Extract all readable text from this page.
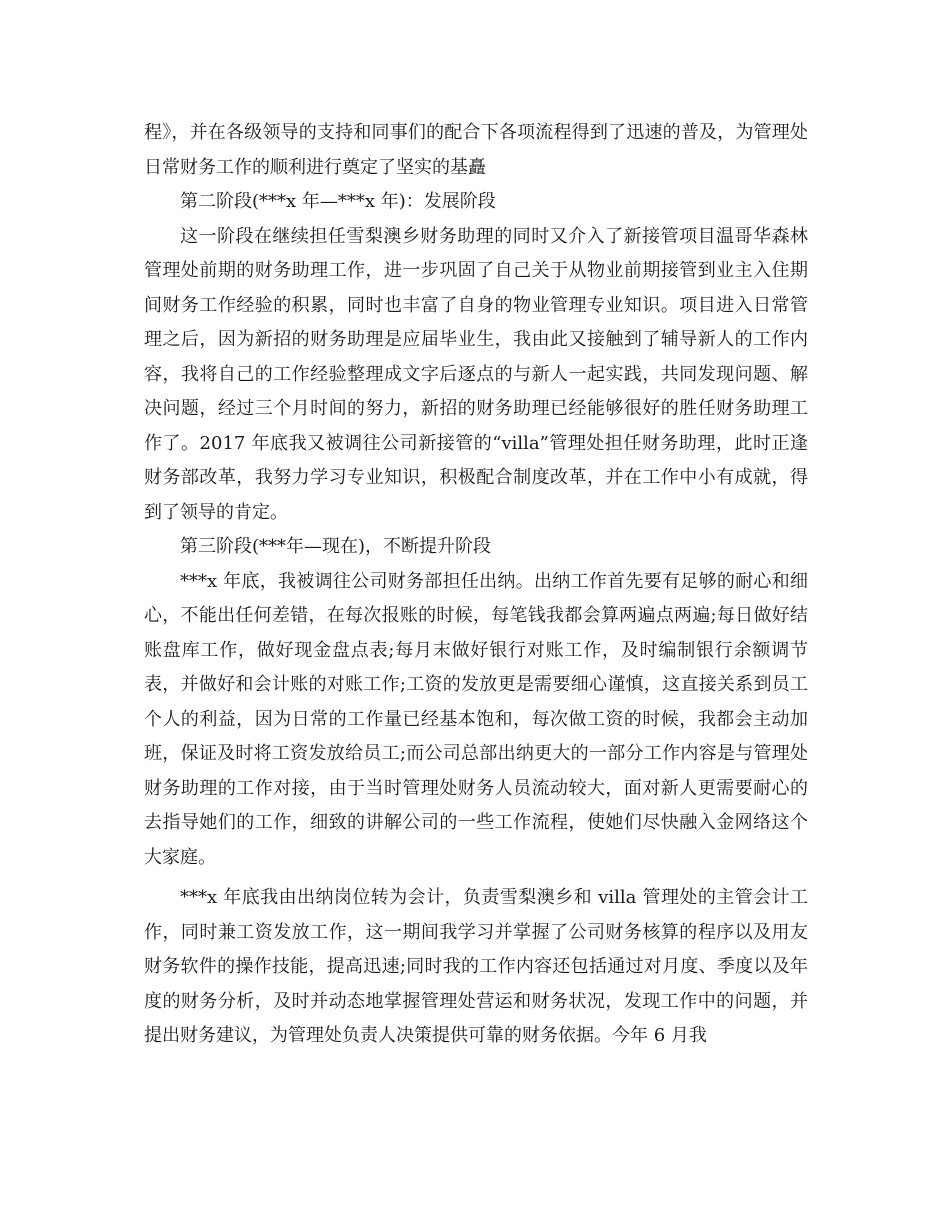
程》，并在各级领导的支持和同事们的配合下各项流程得到了迅速的普及，为管理处日常财务工作的顺利进行奠定了坚实的基矗

第二阶段(***x 年—***x 年)：发展阶段

这一阶段在继续担任雪梨澳乡财务助理的同时又介入了新接管项目温哥华森林管理处前期的财务助理工作，进一步巩固了自己关于从物业前期接管到业主入住期间财务工作经验的积累，同时也丰富了自身的物业管理专业知识。项目进入日常管理之后，因为新招的财务助理是应届毕业生，我由此又接触到了辅导新人的工作内容，我将自己的工作经验整理成文字后逐点的与新人一起实践，共同发现问题、解决问题，经过三个月时间的努力，新招的财务助理已经能够很好的胜任财务助理工作了。2017 年底我又被调往公司新接管的“villa”管理处担任财务助理，此时正逢财务部改革，我努力学习专业知识，积极配合制度改革，并在工作中小有成就，得到了领导的肯定。

第三阶段(***年—现在)，不断提升阶段

***x 年底，我被调往公司财务部担任出纳。出纳工作首先要有足够的耐心和细心，不能出任何差错，在每次报账的时候，每笔钱我都会算两遍点两遍;每日做好结账盘库工作，做好现金盘点表;每月末做好银行对账工作，及时编制银行余额调节表，并做好和会计账的对账工作;工资的发放更是需要细心谨慎，这直接关系到员工个人的利益，因为日常的工作量已经基本饱和，每次做工资的时候，我都会主动加班，保证及时将工资发放给员工;而公司总部出纳更大的一部分工作内容是与管理处财务助理的工作对接，由于当时管理处财务人员流动较大，面对新人更需要耐心的去指导她们的工作，细致的讲解公司的一些工作流程，使她们尽快融入金网络这个大家庭。

***x 年底我由出纳岗位转为会计，负责雪梨澳乡和 villa 管理处的主管会计工作，同时兼工资发放工作，这一期间我学习并掌握了公司财务核算的程序以及用友财务软件的操作技能，提高迅速;同时我的工作内容还包括通过对月度、季度以及年度的财务分析，及时并动态地掌握管理处营运和财务状况，发现工作中的问题，并提出财务建议，为管理处负责人决策提供可靠的财务依据。今年 6 月我
